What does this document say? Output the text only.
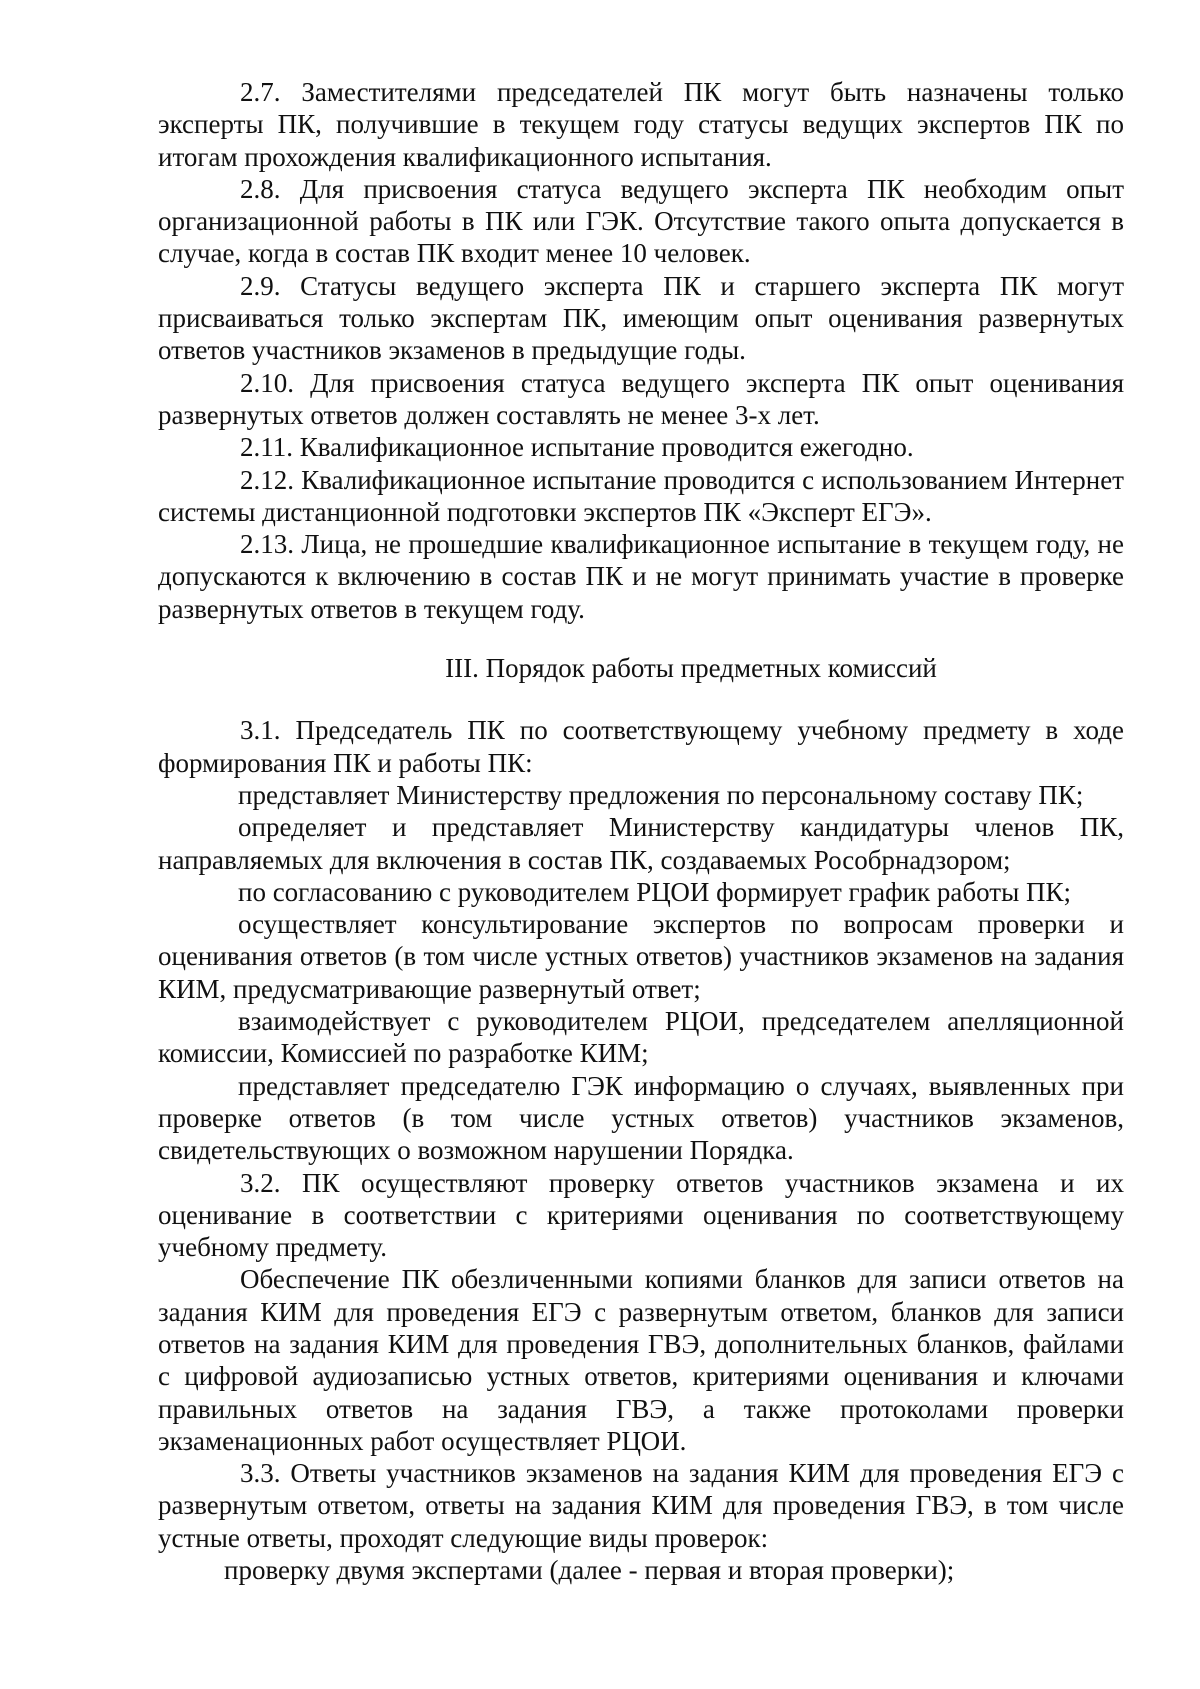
2.7. Заместителями председателей ПК могут быть назначены только эксперты ПК, получившие в текущем году статусы ведущих экспертов ПК по итогам прохождения квалификационного испытания.

2.8. Для присвоения статуса ведущего эксперта ПК необходим опыт организационной работы в ПК или ГЭК. Отсутствие такого опыта допускается в случае, когда в состав ПК входит менее 10 человек.

2.9. Статусы ведущего эксперта ПК и старшего эксперта ПК могут присваиваться только экспертам ПК, имеющим опыт оценивания развернутых ответов участников экзаменов в предыдущие годы.

2.10. Для присвоения статуса ведущего эксперта ПК опыт оценивания развернутых ответов должен составлять не менее 3-х лет.

2.11. Квалификационное испытание проводится ежегодно.

2.12. Квалификационное испытание проводится с использованием Интернет системы дистанционной подготовки экспертов ПК «Эксперт ЕГЭ».

2.13. Лица, не прошедшие квалификационное испытание в текущем году, не допускаются к включению в состав ПК и не могут принимать участие в проверке развернутых ответов в текущем году.

III. Порядок работы предметных комиссий

3.1. Председатель ПК по соответствующему учебному предмету в ходе формирования ПК и работы ПК:

представляет Министерству предложения по персональному составу ПК;

определяет и представляет Министерству кандидатуры членов ПК, направляемых для включения в состав ПК, создаваемых Рособрнадзором;

по согласованию с руководителем РЦОИ формирует график работы ПК;

осуществляет консультирование экспертов по вопросам проверки и оценивания ответов (в том числе устных ответов) участников экзаменов на задания КИМ, предусматривающие развернутый ответ;

взаимодействует с руководителем РЦОИ, председателем апелляционной комиссии, Комиссией по разработке КИМ;

представляет председателю ГЭК информацию о случаях, выявленных при проверке ответов (в том числе устных ответов) участников экзаменов, свидетельствующих о возможном нарушении Порядка.

3.2. ПК осуществляют проверку ответов участников экзамена и их оценивание в соответствии с критериями оценивания по соответствующему учебному предмету.

Обеспечение ПК обезличенными копиями бланков для записи ответов на задания КИМ для проведения ЕГЭ с развернутым ответом, бланков для записи ответов на задания КИМ для проведения ГВЭ, дополнительных бланков, файлами с цифровой аудиозаписью устных ответов, критериями оценивания и ключами правильных ответов на задания ГВЭ, а также протоколами проверки экзаменационных работ осуществляет РЦОИ.

3.3. Ответы участников экзаменов на задания КИМ для проведения ЕГЭ с развернутым ответом, ответы на задания КИМ для проведения ГВЭ, в том числе устные ответы, проходят следующие виды проверок:

проверку двумя экспертами (далее - первая и вторая проверки);
